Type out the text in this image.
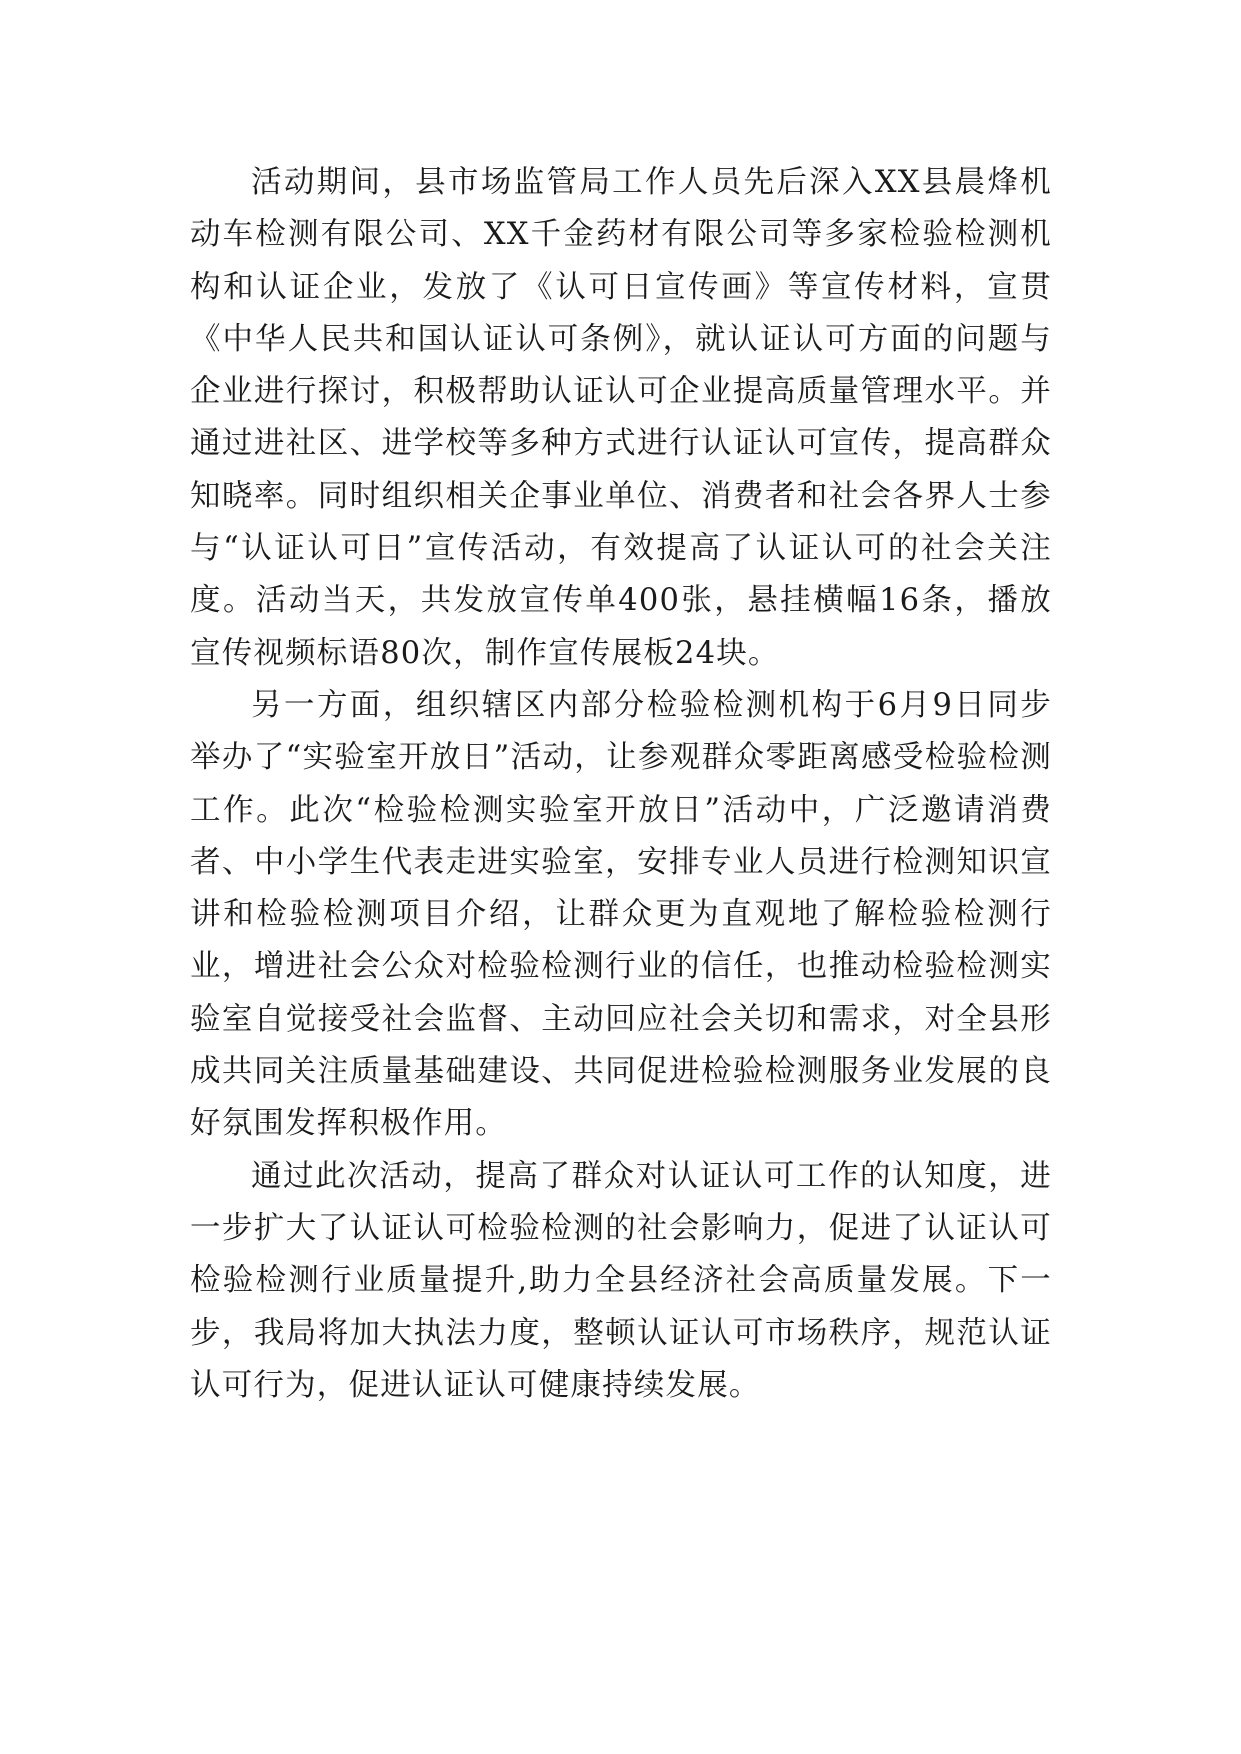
活动期间，县市场监管局工作人员先后深入XX县晨烽机动车检测有限公司、XX千金药材有限公司等多家检验检测机构和认证企业，发放了《认可日宣传画》等宣传材料，宣贯《中华人民共和国认证认可条例》，就认证认可方面的问题与企业进行探讨，积极帮助认证认可企业提高质量管理水平。并通过进社区、进学校等多种方式进行认证认可宣传，提高群众知晓率。同时组织相关企事业单位、消费者和社会各界人士参与“认证认可日”宣传活动，有效提高了认证认可的社会关注度。活动当天，共发放宣传单400张，悬挂横幅16条，播放宣传视频标语80次，制作宣传展板24块。

另一方面，组织辖区内部分检验检测机构于6月9日同步举办了“实验室开放日”活动，让参观群众零距离感受检验检测工作。此次“检验检测实验室开放日”活动中，广泛邀请消费者、中小学生代表走进实验室，安排专业人员进行检测知识宣讲和检验检测项目介绍，让群众更为直观地了解检验检测行业，增进社会公众对检验检测行业的信任，也推动检验检测实验室自觉接受社会监督、主动回应社会关切和需求，对全县形成共同关注质量基础建设、共同促进检验检测服务业发展的良好氛围发挥积极作用。

通过此次活动，提高了群众对认证认可工作的认知度，进一步扩大了认证认可检验检测的社会影响力，促进了认证认可检验检测行业质量提升,助力全县经济社会高质量发展。下一步，我局将加大执法力度，整顿认证认可市场秩序，规范认证认可行为，促进认证认可健康持续发展。
